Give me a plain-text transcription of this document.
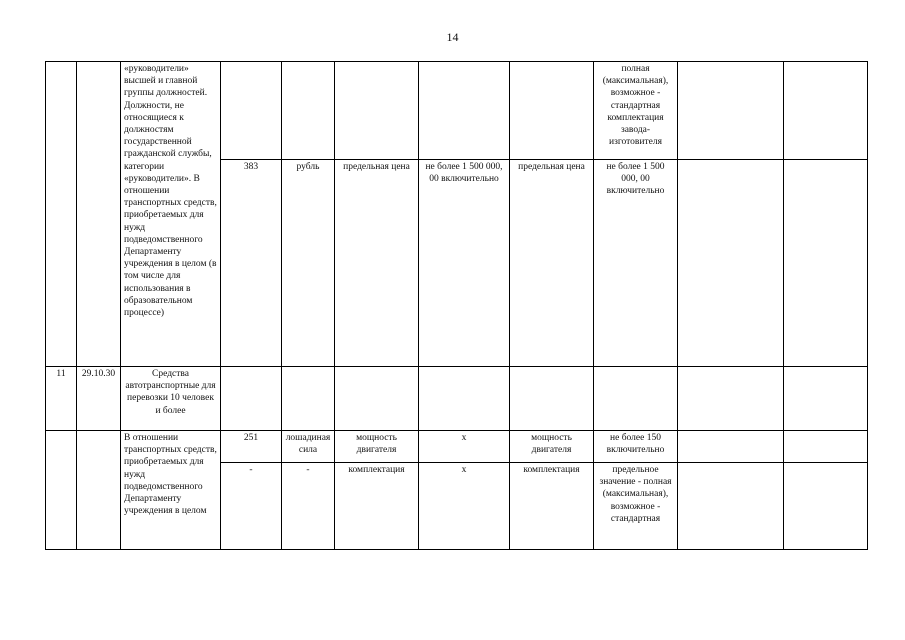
14
		«руководители» высшей и главной группы должностей. Должности, не относящиеся к должностям государственной гражданской службы, категории «руководители». В отношении транспортных средств, приобретаемых для нужд подведомственного Департаменту учреждения в целом (в том числе для использования в образовательном процессе)						полная (максимальная), возможное - стандартная комплектация завода-изготовителя		
			383	рубль	предельная цена	не более 1 500 000, 00 включительно	предельная цена	не более 1 500 000, 00 включительно		
11	29.10.30	Средства автотранспортные для перевозки 10 человек и более								
		В отношении транспортных средств, приобретаемых для нужд подведомственного Департаменту учреждения в целом	251	лошадиная сила	мощность двигателя	x	мощность двигателя	не более 150 включительно		
			-	-	комплектация	x	комплектация	предельное значение - полная (максимальная), возможное - стандартная		
